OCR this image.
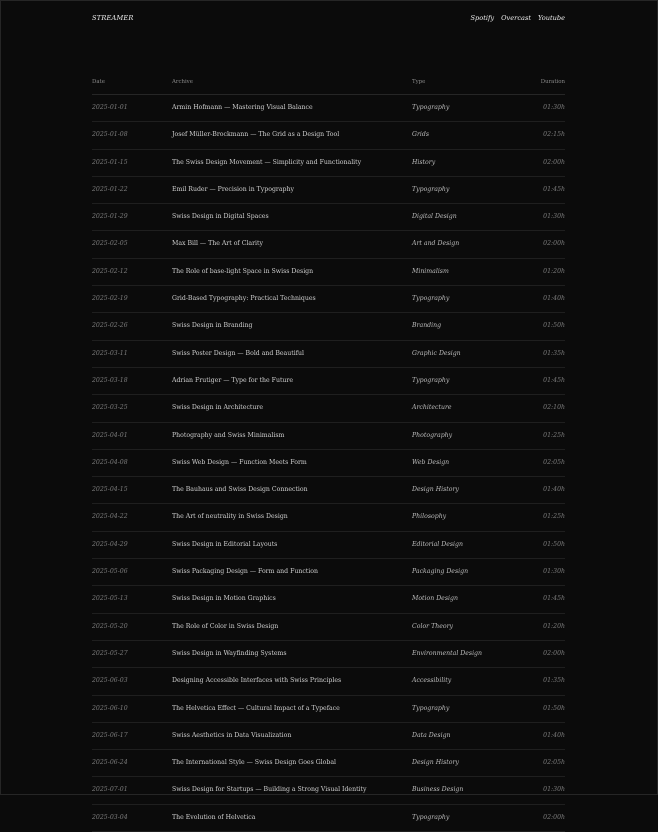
STREAMER	Spotify Overcast Youtube
Date	Archive	Type	Duration
2025-01-01	Armin Hofmann — Mastering Visual Balance	Typography	01:30h
2025-01-08	Josef Müller-Brockmann — The Grid as a Design Tool	Grids	02:15h
2025-01-15	The Swiss Design Movement — Simplicity and Functionality	History	02:00h
2025-01-22	Emil Ruder — Precision in Typography	Typography	01:45h
2025-01-29	Swiss Design in Digital Spaces	Digital Design	01:30h
2025-02-05	Max Bill — The Art of Clarity	Art and Design	02:00h
2025-02-12	The Role of base-light Space in Swiss Design	Minimalism	01:20h
2025-02-19	Grid-Based Typography: Practical Techniques	Typography	01:40h
2025-02-26	Swiss Design in Branding	Branding	01:50h
2025-03-11	Swiss Poster Design — Bold and Beautiful	Graphic Design	01:35h
2025-03-18	Adrian Frutiger — Type for the Future	Typography	01:45h
2025-03-25	Swiss Design in Architecture	Architecture	02:10h
2025-04-01	Photography and Swiss Minimalism	Photography	01:25h
2025-04-08	Swiss Web Design — Function Meets Form	Web Design	02:05h
2025-04-15	The Bauhaus and Swiss Design Connection	Design History	01:40h
2025-04-22	The Art of neutrality in Swiss Design	Philosophy	01:25h
2025-04-29	Swiss Design in Editorial Layouts	Editorial Design	01:50h
2025-05-06	Swiss Packaging Design — Form and Function	Packaging Design	01:30h
2025-05-13	Swiss Design in Motion Graphics	Motion Design	01:45h
2025-05-20	The Role of Color in Swiss Design	Color Theory	01:20h
2025-05-27	Swiss Design in Wayfinding Systems	Environmental Design	02:00h
2025-06-03	Designing Accessible Interfaces with Swiss Principles	Accessibility	01:35h
2025-06-10	The Helvetica Effect — Cultural Impact of a Typeface	Typography	01:50h
2025-06-17	Swiss Aesthetics in Data Visualization	Data Design	01:40h
2025-06-24	The International Style — Swiss Design Goes Global	Design History	02:05h
2025-07-01	Swiss Design for Startups — Building a Strong Visual Identity	Business Design	01:30h
2025-03-04	The Evolution of Helvetica	Typography	02:00h
